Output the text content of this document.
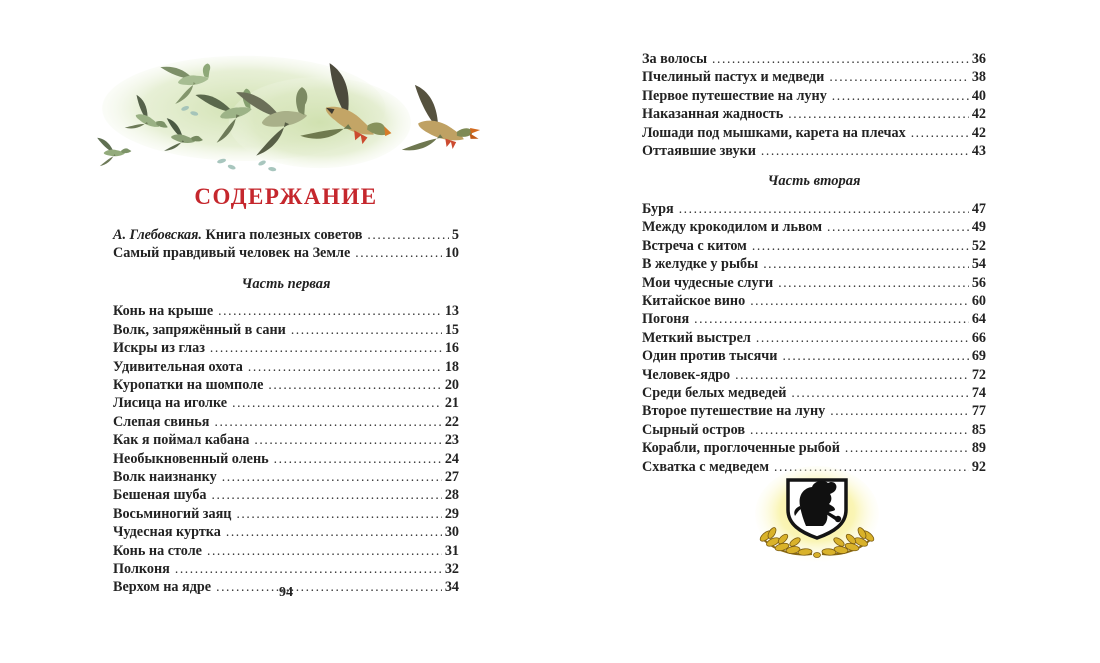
СОДЕРЖАНИЕ
А. Глебовская. Книга полезных советов .....	5
Самый правдивый человек на Земле .....	10
Часть первая
Конь на крыше .....	13
Волк, запряжённый в сани .....	15
Искры из глаз .....	16
Удивительная охота .....	18
Куропатки на шомполе .....	20
Лисица на иголке .....	21
Слепая свинья .....	22
Как я поймал кабана .....	23
Необыкновенный олень .....	24
Волк наизнанку .....	27
Бешеная шуба .....	28
Восьминогий заяц .....	29
Чудесная куртка .....	30
Конь на столе .....	31
Полконя .....	32
Верхом на ядре .....	34
94
За волосы .....	36
Пчелиный пастух и медведи .....	38
Первое путешествие на луну .....	40
Наказанная жадность .....	42
Лошади под мышками, карета на плечах .....	42
Оттаявшие звуки .....	43
Часть вторая
Буря .....	47
Между крокодилом и львом .....	49
Встреча с китом .....	52
В желудке у рыбы .....	54
Мои чудесные слуги .....	56
Китайское вино .....	60
Погоня .....	64
Меткий выстрел .....	66
Один против тысячи .....	69
Человек-ядро .....	72
Среди белых медведей .....	74
Второе путешествие на луну .....	77
Сырный остров .....	85
Корабли, проглоченные рыбой .....	89
Схватка с медведем .....	92
